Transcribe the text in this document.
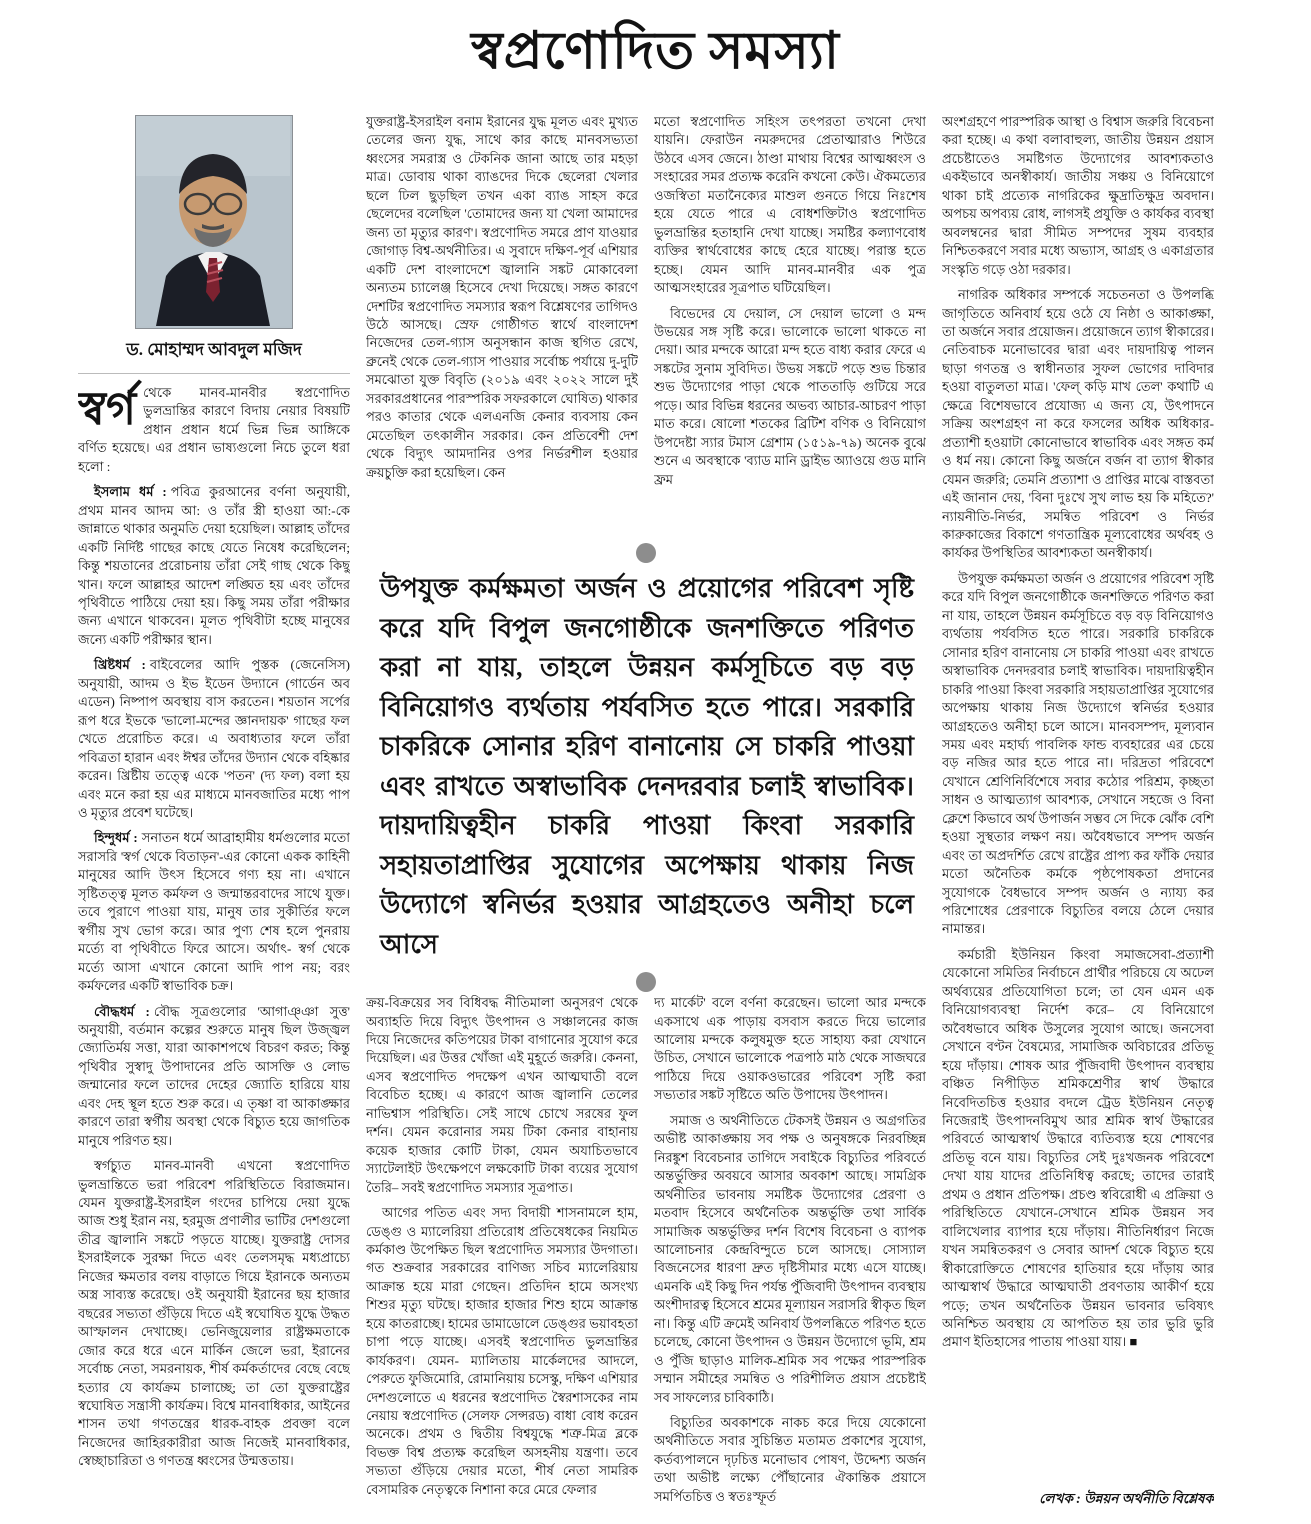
স্বপ্রণোদিত সমস্যা
ড. মোহাম্মদ আবদুল মজিদ

স্বর্গ থেকে মানব-মানবীর স্বপ্রণোদিত ভুলভ্রান্তির কারণে বিদায় নেয়ার বিষয়টি প্রধান প্রধান ধর্মে ভিন্ন ভিন্ন আঙ্গিকে বর্ণিত হয়েছে। এর প্রধান ভাষ্যগুলো নিচে তুলে ধরা হলো :

ইসলাম ধর্ম : পবিত্র কুরআনের বর্ণনা অনুযায়ী, প্রথম মানব আদম আ: ও তাঁর স্ত্রী হাওয়া আ:-কে জান্নাতে থাকার অনুমতি দেয়া হয়েছিল। আল্লাহ তাঁদের একটি নির্দিষ্ট গাছের কাছে যেতে নিষেধ করেছিলেন; কিন্তু শয়তানের প্ররোচনায় তাঁরা সেই গাছ থেকে কিছু খান। ফলে আল্লাহর আদেশ লঙ্ঘিত হয় এবং তাঁদের পৃথিবীতে পাঠিয়ে দেয়া হয়। কিছু সময় তাঁরা পরীক্ষার জন্য এখানে থাকবেন। মূলত পৃথিবীটা হচ্ছে মানুষের জন্যে একটি পরীক্ষার স্থান।

খ্রিষ্টধর্ম : বাইবেলের আদি পুস্তক (জেনেসিস) অনুযায়ী, আদম ও ইভ ইডেন উদ্যানে (গার্ডেন অব এডেন) নিষ্পাপ অবস্থায় বাস করতেন। শয়তান সর্পের রূপ ধরে ইভকে 'ভালো-মন্দের জ্ঞানদায়ক' গাছের ফল খেতে প্ররোচিত করে। এ অবাধ্যতার ফলে তাঁরা পবিত্রতা হারান এবং ঈশ্বর তাঁদের উদ্যান থেকে বহিষ্কার করেন। খ্রিষ্টীয় তত্ত্বে একে 'পতন' (দ্য ফল) বলা হয় এবং মনে করা হয় এর মাধ্যমে মানবজাতির মধ্যে পাপ ও মৃত্যুর প্রবেশ ঘটেছে।

হিন্দুধর্ম : সনাতন ধর্মে আব্রাহামীয় ধর্মগুলোর মতো সরাসরি 'স্বর্গ থেকে বিতাড়ন'-এর কোনো একক কাহিনী মানুষের আদি উৎস হিসেবে গণ্য হয় না। এখানে সৃষ্টিতত্ত্ব মূলত কর্মফল ও জন্মান্তরবাদের সাথে যুক্ত। তবে পুরাণে পাওয়া যায়, মানুষ তার সুকীর্তির ফলে স্বর্গীয় সুখ ভোগ করে। আর পুণ্য শেষ হলে পুনরায় মর্ত্যে বা পৃথিবীতে ফিরে আসে। অর্থাৎ- স্বর্গ থেকে মর্ত্যে আসা এখানে কোনো আদি পাপ নয়; বরং কর্মফলের একটি স্বাভাবিক চক্র।

বৌদ্ধধর্ম : বৌদ্ধ সূত্রগুলোর 'আগাঞ্ঞা সুত্ত' অনুযায়ী, বর্তমান কল্পের শুরুতে মানুষ ছিল উজ্জ্বল জ্যোতির্ময় সত্তা, যারা আকাশপথে বিচরণ করত; কিন্তু পৃথিবীর সুস্বাদু উপাদানের প্রতি আসক্তি ও লোভ জন্মানোর ফলে তাদের দেহের জ্যোতি হারিয়ে যায় এবং দেহ স্থূল হতে শুরু করে। এ তৃষ্ণা বা আকাঙ্ক্ষার কারণে তারা স্বর্গীয় অবস্থা থেকে বিচ্যুত হয়ে জাগতিক মানুষে পরিণত হয়।

স্বর্গচ্যুত মানব-মানবী এখনো স্বপ্রণোদিত ভুলভ্রান্তিতে ভরা পরিবেশ পরিস্থিতিতে বিরাজমান। যেমন যুক্তরাষ্ট্র-ইসরাইল গংদের চাপিয়ে দেয়া যুদ্ধে আজ শুধু ইরান নয়, হরমুজ প্রণালীর ভাটির দেশগুলো তীব্র জ্বালানি সঙ্কটে পড়তে যাচ্ছে। যুক্তরাষ্ট্র দোসর ইসরাইলকে সুরক্ষা দিতে এবং তেলসমৃদ্ধ মধ্যপ্রাচ্যে নিজের ক্ষমতার বলয় বাড়াতে গিয়ে ইরানকে অন্যতম অস্ত্র সাব্যস্ত করেছে। ওই অনুযায়ী ইরানের ছয় হাজার বছরের সভ্যতা গুঁড়িয়ে দিতে এই স্বঘোষিত যুদ্ধে উদ্ধত আস্ফালন দেখাচ্ছে। ভেনিজুয়েলার রাষ্ট্রক্ষমতাকে জোর করে ধরে এনে মার্কিন জেলে ভরা, ইরানের সর্বোচ্চ নেতা, সমরনায়ক, শীর্ষ কর্মকর্তাদের বেছে বেছে হত্যার যে কার্যক্রম চালাচ্ছে; তা তো যুক্তরাষ্ট্রের স্বঘোষিত সন্ত্রাসী কার্যক্রম। বিশ্বে মানবাধিকার, আইনের শাসন তথা গণতন্ত্রের ধারক-বাহক প্রবক্তা বলে নিজেদের জাহিরকারীরা আজ নিজেই মানবাধিকার, স্বেচ্ছাচারিতা ও গণতন্ত্র ধ্বংসের উন্মত্ততায়।

যুক্তরাষ্ট্র-ইসরাইল বনাম ইরানের যুদ্ধ মূলত এবং মুখ্যত তেলের জন্য যুদ্ধ, সাথে কার কাছে মানবসভ্যতা ধ্বংসের সমরাস্ত্র ও টেকনিক জানা আছে তার মহড়া মাত্র। ডোবায় থাকা ব্যাঙদের দিকে ছেলেরা খেলার ছলে ঢিল ছুড়ছিল তখন একা ব্যাঙ সাহস করে ছেলেদের বলেছিল 'তোমাদের জন্য যা খেলা আমাদের জন্য তা মৃত্যুর কারণ'। স্বপ্রণোদিত সমরে প্রাণ যাওয়ার জোগাড় বিশ্ব-অর্থনীতির। এ সুবাদে দক্ষিণ-পূর্ব এশিয়ার একটি দেশ বাংলাদেশে জ্বালানি সঙ্কট মোকাবেলা অন্যতম চ্যালেঞ্জ হিসেবে দেখা দিয়েছে। সঙ্গত কারণে দেশটির স্বপ্রণোদিত সমস্যার স্বরূপ বিশ্লেষণের তাগিদও উঠে আসছে। স্রেফ গোষ্ঠীগত স্বার্থে বাংলাদেশ নিজেদের তেল-গ্যাস অনুসন্ধান কাজ স্থগিত রেখে, ব্রুনেই থেকে তেল-গ্যাস পাওয়ার সর্বোচ্চ পর্যায়ে দু-দুটি সমঝোতা যুক্ত বিবৃতি (২০১৯ এবং ২০২২ সালে দুই সরকারপ্রধানের পারস্পরিক সফরকালে ঘোষিত) থাকার পরও কাতার থেকে এলএনজি কেনার ব্যবসায় কেন মেতেছিল তৎকালীন সরকার। কেন প্রতিবেশী দেশ থেকে বিদ্যুৎ আমদানির ওপর নির্ভরশীল হওয়ার ক্রয়চুক্তি করা হয়েছিল। কেন

মতো স্বপ্রণোদিত সহিংস তৎপরতা তখনো দেখা যায়নি। ফেরাউন নমরুদদের প্রেতাত্মারাও শিউরে উঠবে এসব জেনে। ঠাণ্ডা মাথায় বিশ্বের আত্মধ্বংস ও সংহারের সমর প্রত্যক্ষ করেনি কখনো কেউ। ঐকমত্যের ওজস্বিতা মতানৈক্যের মাশুল গুনতে গিয়ে নিঃশেষ হয়ে যেতে পারে এ বোধশক্তিটাও স্বপ্রণোদিত ভুলভ্রান্তির হতাহানি দেখা যাচ্ছে। সমষ্টির কল্যাণবোধ ব্যক্তির স্বার্থবোধের কাছে হেরে যাচ্ছে। পরাস্ত হতে হচ্ছে। যেমন আদি মানব-মানবীর এক পুত্র আত্মসংহারের সূত্রপাত ঘটিয়েছিল।

বিভেদের যে দেয়াল, সে দেয়াল ভালো ও মন্দ উভয়ের সঙ্গ সৃষ্টি করে। ভালোকে ভালো থাকতে না দেয়া। আর মন্দকে আরো মন্দ হতে বাধ্য করার ফেরে এ সঙ্কটের সুনাম সুবিদিত। উভয় সঙ্কটে পড়ে শুভ চিন্তার শুভ উদ্যোগের পাড়া থেকে পাততাড়ি গুটিয়ে সরে পড়ে। আর বিভিন্ন ধরনের অভব্য আচার-আচরণ পাড়া মাত করে। ষোলো শতকের ব্রিটিশ বণিক ও বিনিয়োগ উপদেষ্টা স্যার টমাস গ্রেশাম (১৫১৯-৭৯) অনেক বুঝে শুনে এ অবস্থাকে 'ব্যাড মানি ড্রাইভ অ্যাওয়ে গুড মানি ফ্রম

উপযুক্ত কর্মক্ষমতা অর্জন ও প্রয়োগের পরিবেশ সৃষ্টি করে যদি বিপুল জনগোষ্ঠীকে জনশক্তিতে পরিণত করা না যায়, তাহলে উন্নয়ন কর্মসূচিতে বড় বড় বিনিয়োগও ব্যর্থতায় পর্যবসিত হতে পারে। সরকারি চাকরিকে সোনার হরিণ বানানোয় সে চাকরি পাওয়া এবং রাখতে অস্বাভাবিক দেনদরবার চলাই স্বাভাবিক। দায়দায়িত্বহীন চাকরি পাওয়া কিংবা সরকারি সহায়তাপ্রাপ্তির সুযোগের অপেক্ষায় থাকায় নিজ উদ্যোগে স্বনির্ভর হওয়ার আগ্রহতেও অনীহা চলে আসে

ক্রয়-বিক্রয়ের সব বিধিবদ্ধ নীতিমালা অনুসরণ থেকে অব্যাহতি দিয়ে বিদ্যুৎ উৎপাদন ও সঞ্চালনের কাজ দিয়ে নিজেদের কতিপয়ের টাকা বাগানোর সুযোগ করে দিয়েছিল। এর উত্তর খোঁজা এই মুহূর্তে জরুরি। কেননা, এসব স্বপ্রণোদিত পদক্ষেপ এখন আত্মঘাতী বলে বিবেচিত হচ্ছে। এ কারণে আজ জ্বালানি তেলের নাভিশ্বাস পরিস্থিতি। সেই সাথে চোখে সরষের ফুল দর্শন। যেমন করোনার সময় টিকা কেনার বাহানায় কয়েক হাজার কোটি টাকা, যেমন অযাচিতভাবে স্যাটেলাইট উৎক্ষেপণে লক্ষকোটি টাকা ব্যয়ের সুযোগ তৈরি– সবই স্বপ্রণোদিত সমস্যার সূত্রপাত।

আগের পতিত এবং সদ্য বিদায়ী শাসনামলে হাম, ডেঙ্গু ও ম্যালেরিয়া প্রতিরোধ প্রতিষেধকের নিয়মিত কর্মকাণ্ড উপেক্ষিত ছিল স্বপ্রণোদিত সমস্যার উদগাতা। গত শুক্রবার সরকারের বাণিজ্য সচিব ম্যালেরিয়ায় আক্রান্ত হয়ে মারা গেছেন। প্রতিদিন হামে অসংখ্য শিশুর মৃত্যু ঘটছে। হাজার হাজার শিশু হামে আক্রান্ত হয়ে কাতরাচ্ছে। হামের ডামাডোলে ডেঙ্গুর ভয়াবহতা চাপা পড়ে যাচ্ছে। এসবই স্বপ্রণোদিত ভুলভ্রান্তির কার্যকরণ। যেমন- ম্যালিতায় মার্কেলদের আদলে, পেরুতে ফুজিমোরি, রোমানিয়ায় চসেস্কু, দক্ষিণ এশিয়ার দেশগুলোতে এ ধরনের স্বপ্রণোদিত স্বৈরশাসকের নাম নেয়ায় স্বপ্রণোদিত (সেলফ সেন্সরড) বাধা বোধ করেন অনেকে। প্রথম ও দ্বিতীয় বিশ্বযুদ্ধে শত্রু-মিত্র ব্লকে বিভক্ত বিশ্ব প্রত্যক্ষ করেছিল অসহনীয় যন্ত্রণা। তবে সভ্যতা গুঁড়িয়ে দেয়ার মতো, শীর্ষ নেতা সামরিক বেসামরিক নেতৃত্বকে নিশানা করে মেরে ফেলার

দ্য মার্কেট' বলে বর্ণনা করেছেন। ভালো আর মন্দকে একসাথে এক পাড়ায় বসবাস করতে দিয়ে ভালোর আলোয় মন্দকে কলুষমুক্ত হতে সাহায্য করা যেখানে উচিত, সেখানে ভালোকে পত্রপাঠ মাঠ থেকে সাজঘরে পাঠিয়ে দিয়ে ওয়াকওভারের পরিবেশ সৃষ্টি করা সভ্যতার সঙ্কট সৃষ্টিতে অতি উপাদেয় উৎপাদন।

সমাজ ও অর্থনীতিতে টেকসই উন্নয়ন ও অগ্রগতির অভীষ্ট আকাঙ্ক্ষায় সব পক্ষ ও অনুষঙ্গকে নিরবচ্ছিন্ন নিরঙ্কুশ বিবেচনার তাগিদে সবাইকে বিচ্যুতির পরিবর্তে অন্তর্ভুক্তির অবয়বে আসার অবকাশ আছে। সামগ্রিক অর্থনীতির ভাবনায় সমষ্টিক উদ্যোগের প্রেরণা ও মতবাদ হিসেবে অর্থনৈতিক অন্তর্ভুক্তি তথা সার্বিক সামাজিক অন্তর্ভুক্তির দর্শন বিশেষ বিবেচনা ও ব্যাপক আলোচনার কেন্দ্রবিন্দুতে চলে আসছে। সোস্যাল বিজনেসের ধারণা দ্রুত দৃষ্টিসীমার মধ্যে এসে যাচ্ছে। এমনকি এই কিছু দিন পর্যন্ত পুঁজিবাদী উৎপাদন ব্যবস্থায় অংশীদারত্ব হিসেবে শ্রমের মূল্যায়ন সরাসরি স্বীকৃত ছিল না। কিন্তু এটি ক্রমেই অনিবার্য উপলব্ধিতে পরিণত হতে চলেছে, কোনো উৎপাদন ও উন্নয়ন উদ্যোগে ভূমি, শ্রম ও পুঁজি ছাড়াও মালিক-শ্রমিক সব পক্ষের পারস্পরিক সম্মান সমীহের সমন্বিত ও পরিশীলিত প্রয়াস প্রচেষ্টাই সব সাফল্যের চাবিকাঠি।

বিচ্যুতির অবকাশকে নাকচ করে দিয়ে যেকোনো অর্থনীতিতে সবার সুচিন্তিত মতামত প্রকাশের সুযোগ, কর্তব্যপালনে দৃঢ়চিত্ত মনোভাব পোষণ, উদ্দেশ্য অর্জন তথা অভীষ্ট লক্ষ্যে পৌঁছানোর ঐকান্তিক প্রয়াসে সমর্পিতচিত্ত ও স্বতঃস্ফূর্ত

অংশগ্রহণে পারস্পরিক আস্থা ও বিশ্বাস জরুরি বিবেচনা করা হচ্ছে। এ কথা বলাবাহুল্য, জাতীয় উন্নয়ন প্রয়াস প্রচেষ্টাতেও সমষ্টিগত উদ্যোগের আবশ্যকতাও একইভাবে অনস্বীকার্য। জাতীয় সঞ্চয় ও বিনিয়োগে থাকা চাই প্রত্যেক নাগরিকের ক্ষুদ্রাতিক্ষুদ্র অবদান। অপচয় অপব্যয় রোধ, লাগসই প্রযুক্তি ও কার্যকর ব্যবস্থা অবলম্বনের দ্বারা সীমিত সম্পদের সুষম ব্যবহার নিশ্চিতকরণে সবার মধ্যে অভ্যাস, আগ্রহ ও একাগ্রতার সংস্কৃতি গড়ে ওঠা দরকার।

নাগরিক অধিকার সম্পর্কে সচেতনতা ও উপলব্ধি জাগৃতিতে অনিবার্য হয়ে ওঠে যে নিষ্ঠা ও আকাঙ্ক্ষা, তা অর্জনে সবার প্রয়োজন। প্রয়োজনে ত্যাগ স্বীকারের। নেতিবাচক মনোভাবের দ্বারা এবং দায়দায়িত্ব পালন ছাড়া গণতন্ত্র ও স্বাধীনতার সুফল ভোগের দাবিদার হওয়া বাতুলতা মাত্র। 'ফেল্ কড়ি মাখ তেল' কথাটি এ ক্ষেত্রে বিশেষভাবে প্রযোজ্য এ জন্য যে, উৎপাদনে সক্রিয় অংশগ্রহণ না করে ফসলের অধিক অধিকার-প্রত্যাশী হওয়াটা কোনোভাবে স্বাভাবিক এবং সঙ্গত কর্ম ও ধর্ম নয়। কোনো কিছু অর্জনে বর্জন বা ত্যাগ স্বীকার যেমন জরুরি; তেমনি প্রত্যাশা ও প্রাপ্তির মাঝে বাস্তবতা এই জানান দেয়, 'বিনা দুঃখে সুখ লাভ হয় কি মহিতে?' ন্যায়নীতি-নির্ভর, সমন্বিত পরিবেশ ও নির্ভর কারুকাজের বিকাশে গণতান্ত্রিক মূল্যবোধের অর্থবহ ও কার্যকর উপস্থিতির আবশ্যকতা অনস্বীকার্য।

উপযুক্ত কর্মক্ষমতা অর্জন ও প্রয়োগের পরিবেশ সৃষ্টি করে যদি বিপুল জনগোষ্ঠীকে জনশক্তিতে পরিণত করা না যায়, তাহলে উন্নয়ন কর্মসূচিতে বড় বড় বিনিয়োগও ব্যর্থতায় পর্যবসিত হতে পারে। সরকারি চাকরিকে সোনার হরিণ বানানোয় সে চাকরি পাওয়া এবং রাখতে অস্বাভাবিক দেনদরবার চলাই স্বাভাবিক। দায়দায়িত্বহীন চাকরি পাওয়া কিংবা সরকারি সহায়তাপ্রাপ্তির সুযোগের অপেক্ষায় থাকায় নিজ উদ্যোগে স্বনির্ভর হওয়ার আগ্রহতেও অনীহা চলে আসে। মানবসম্পদ, মূল্যবান সময় এবং মহার্ঘ্য পাবলিক ফান্ড ব্যবহারের এর চেয়ে বড় নজির আর হতে পারে না। দরিদ্রতা পরিবেশে যেখানে শ্রেণিনির্বিশেষে সবার কঠোর পরিশ্রম, কৃচ্ছতা সাধন ও আত্মত্যাগ আবশ্যক, সেখানে সহজে ও বিনা ক্লেশে কিভাবে অর্থ উপার্জন সম্ভব সে দিকে ঝোঁক বেশি হওয়া সুস্থতার লক্ষণ নয়। অবৈধভাবে সম্পদ অর্জন এবং তা অপ্রদর্শিত রেখে রাষ্ট্রের প্রাপ্য কর ফাঁকি দেয়ার মতো অনৈতিক কর্মকে পৃষ্ঠপোষকতা প্রদানের সুযোগকে বৈধভাবে সম্পদ অর্জন ও ন্যায্য কর পরিশোধের প্রেরণাকে বিচ্যুতির বলয়ে ঠেলে দেয়ার নামান্তর।

কর্মচারী ইউনিয়ন কিংবা সমাজসেবা-প্রত্যাশী যেকোনো সমিতির নির্বাচনে প্রার্থীর পরিচয়ে যে অঢেল অর্থব্যয়ের প্রতিযোগিতা চলে; তা যেন এমন এক বিনিয়োগব্যবস্থা নির্দেশ করে– যে বিনিয়োগে অবৈধভাবে অধিক উসুলের সুযোগ আছে। জনসেবা সেখানে বণ্টন বৈষম্যের, সামাজিক অবিচারের প্রতিভূ হয়ে দাঁড়ায়। শোষক আর পুঁজিবাদী উৎপাদন ব্যবস্থায় বঞ্চিত নিপীড়িত শ্রমিকশ্রেণীর স্বার্থ উদ্ধারে নিবেদিতচিত্ত হওয়ার বদলে ট্রেড ইউনিয়ন নেতৃত্ব নিজেরাই উৎপাদনবিমুখ আর শ্রমিক স্বার্থ উদ্ধারের পরিবর্তে আত্মস্বার্থ উদ্ধারে ব্যতিব্যস্ত হয়ে শোষণের প্রতিভূ বনে যায়। বিচ্যুতির সেই দুঃখজনক পরিবেশে দেখা যায় যাদের প্রতিনিধিত্ব করছে; তাদের তারাই প্রথম ও প্রধান প্রতিপক্ষ। প্রচণ্ড স্ববিরোধী এ প্রক্রিয়া ও পরিস্থিতিতে যেখানে-সেখানে শ্রমিক উন্নয়ন সব বালিখেলার ব্যাপার হয়ে দাঁড়ায়। নীতিনির্ধারণ নিজে যখন সমন্বিতকরণ ও সেবার আদর্শ থেকে বিচ্যুত হয়ে স্বীকারোক্তিতে শোষণের হাতিয়ার হয়ে দাঁড়ায় আর আত্মস্বার্থ উদ্ধারে আত্মঘাতী প্রবণতায় আকীর্ণ হয়ে পড়ে; তখন অর্থনৈতিক উন্নয়ন ভাবনার ভবিষ্যৎ অনিশ্চিত অবস্থায় যে আপতিত হয় তার ভুরি ভুরি প্রমাণ ইতিহাসের পাতায় পাওয়া যায়। ■

লেখক : উন্নয়ন অর্থনীতি বিশ্লেষক
